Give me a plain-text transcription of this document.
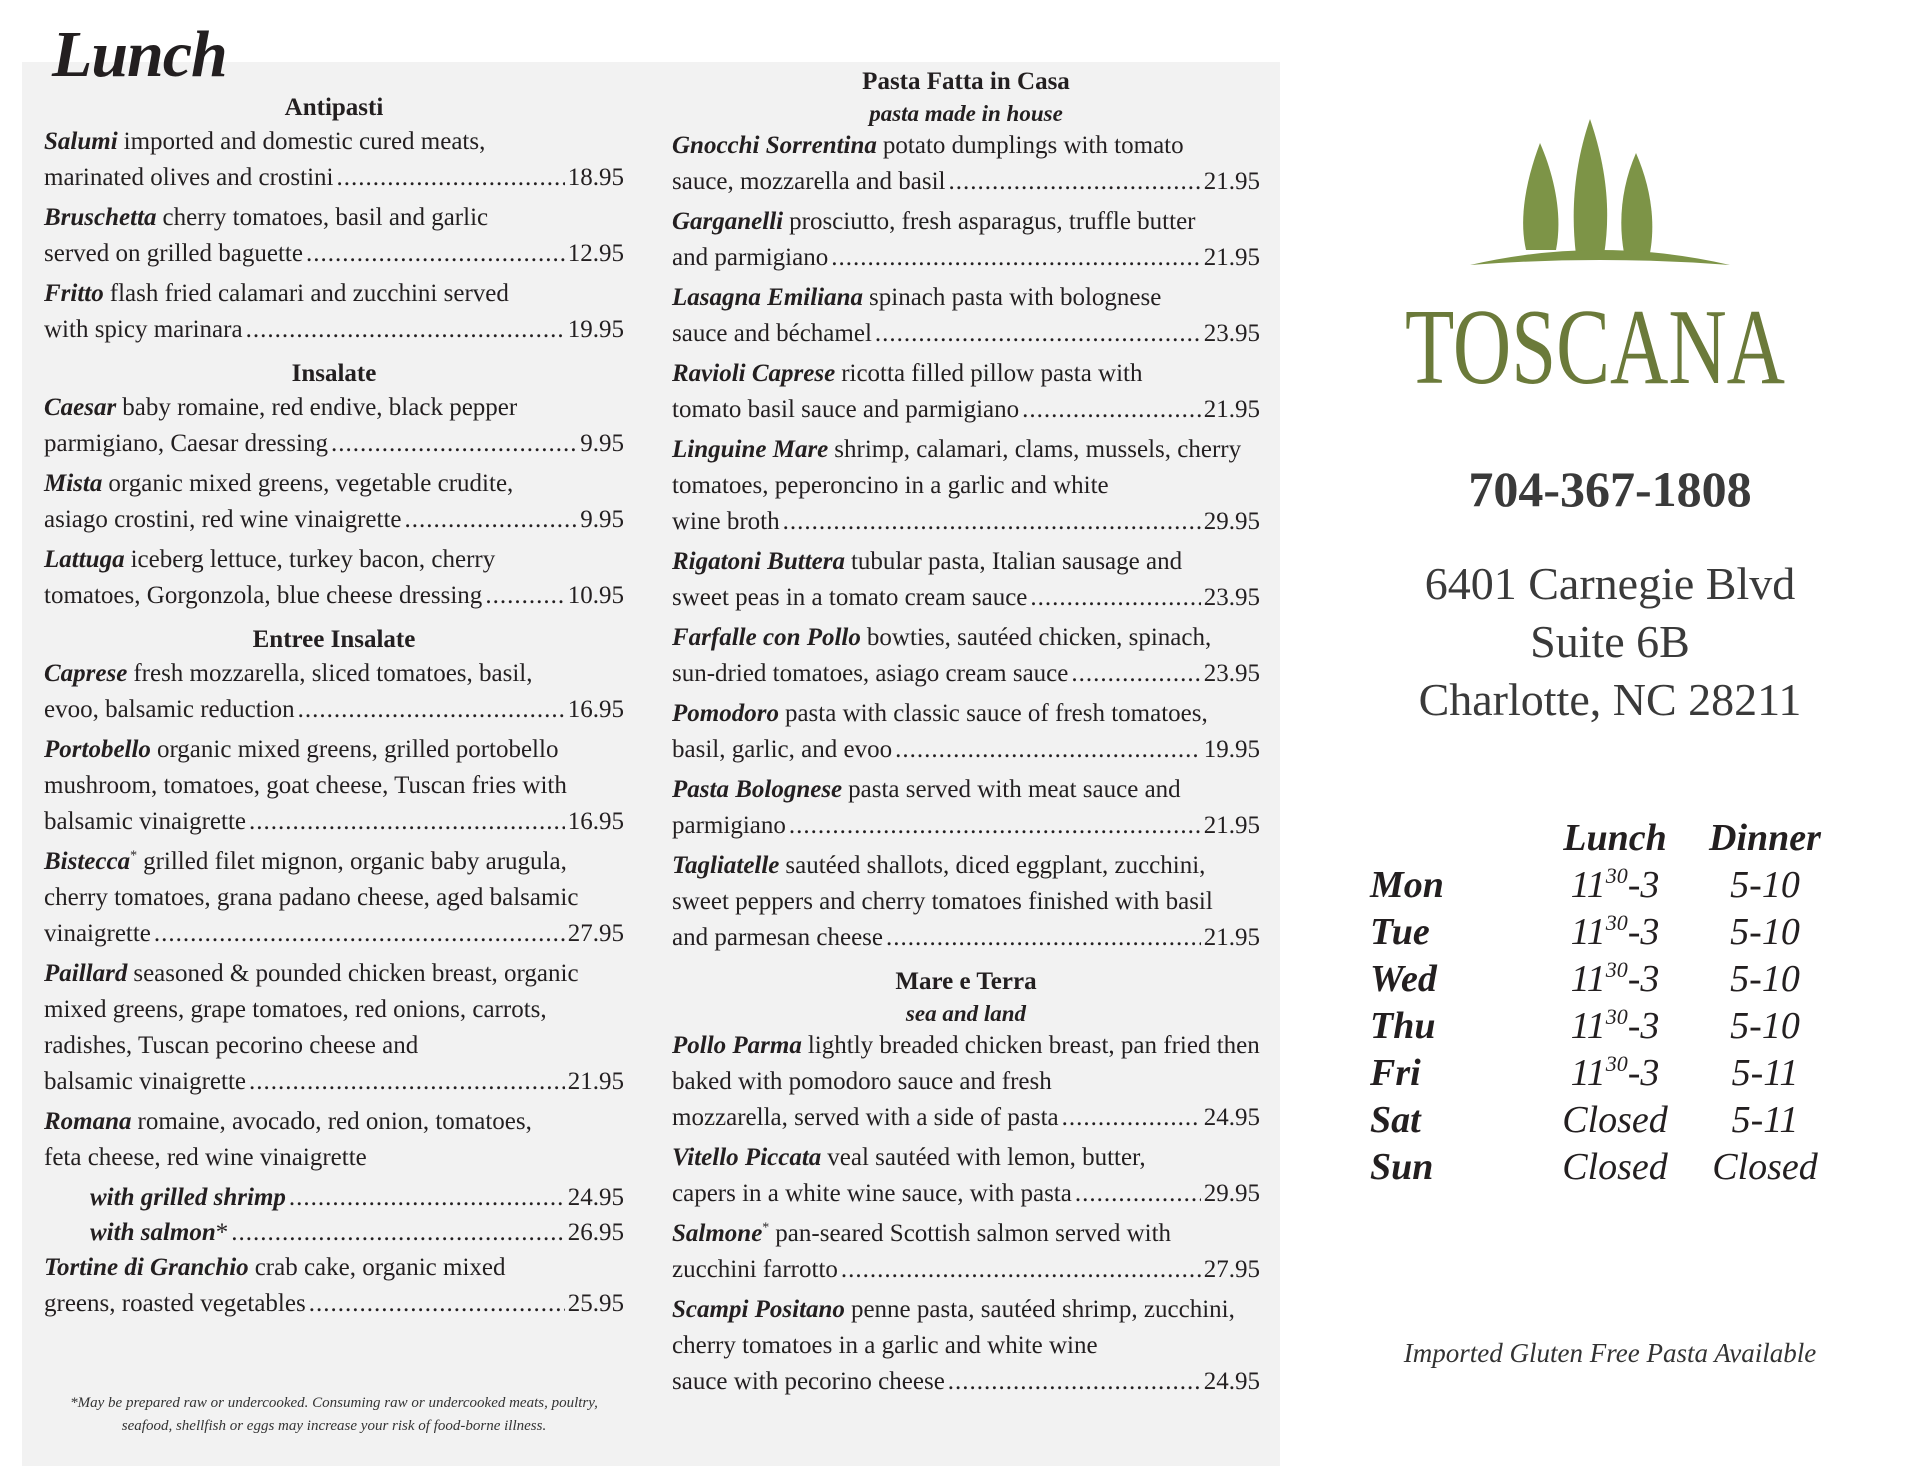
Lunch
Antipasti
Salumi imported and domestic cured meats,
marinated olives and crostini .....	18.95
Bruschetta cherry tomatoes, basil and garlic
served on grilled baguette .....	12.95
Fritto flash fried calamari and zucchini served
with spicy marinara .....	19.95
Insalate
Caesar baby romaine, red endive, black pepper
parmigiano, Caesar dressing .....	9.95
Mista organic mixed greens, vegetable crudite,
asiago crostini, red wine vinaigrette .....	9.95
Lattuga iceberg lettuce, turkey bacon, cherry
tomatoes, Gorgonzola, blue cheese dressing .....	10.95
Entree Insalate
Caprese fresh mozzarella, sliced tomatoes, basil,
evoo, balsamic reduction .....	16.95
Portobello organic mixed greens, grilled portobello mushroom, tomatoes, goat cheese, Tuscan fries with
balsamic vinaigrette .....	16.95
Bistecca* grilled filet mignon, organic baby arugula, cherry tomatoes, grana padano cheese, aged balsamic
vinaigrette .....	27.95
Paillard seasoned & pounded chicken breast, organic mixed greens, grape tomatoes, red onions, carrots, radishes, Tuscan pecorino cheese and
balsamic vinaigrette .....	21.95
Romana romaine, avocado, red onion, tomatoes,
feta cheese, red wine vinaigrette
with grilled shrimp .....	24.95
with salmon* .....	26.95
Tortine di Granchio crab cake, organic mixed
greens, roasted vegetables .....	25.95
Pasta Fatta in Casa
pasta made in house
Gnocchi Sorrentina potato dumplings with tomato
sauce, mozzarella and basil .....	21.95
Garganelli prosciutto, fresh asparagus, truffle butter
and parmigiano .....	21.95
Lasagna Emiliana spinach pasta with bolognese
sauce and béchamel .....	23.95
Ravioli Caprese ricotta filled pillow pasta with
tomato basil sauce and parmigiano .....	21.95
Linguine Mare shrimp, calamari, clams, mussels, cherry tomatoes, peperoncino in a garlic and white
wine broth .....	29.95
Rigatoni Buttera tubular pasta, Italian sausage and
sweet peas in a tomato cream sauce .....	23.95
Farfalle con Pollo bowties, sautéed chicken, spinach,
sun-dried tomatoes, asiago cream sauce .....	23.95
Pomodoro pasta with classic sauce of fresh tomatoes,
basil, garlic, and evoo .....	19.95
Pasta Bolognese pasta served with meat sauce and
parmigiano .....	21.95
Tagliatelle sautéed shallots, diced eggplant, zucchini, sweet peppers and cherry tomatoes finished with basil
and parmesan cheese .....	21.95
Mare e Terra
sea and land
Pollo Parma lightly breaded chicken breast, pan fried then baked with pomodoro sauce and fresh
mozzarella, served with a side of pasta .....	24.95
Vitello Piccata veal sautéed with lemon, butter,
capers in a white wine sauce, with pasta .....	29.95
Salmone* pan-seared Scottish salmon served with
zucchini farrotto .....	27.95
Scampi Positano penne pasta, sautéed shrimp, zucchini, cherry tomatoes in a garlic and white wine
sauce with pecorino cheese .....	24.95
*May be prepared raw or undercooked. Consuming raw or undercooked meats, poultry, seafood, shellfish or eggs may increase your risk of food-borne illness.
TOSCANA
704-367-1808
6401 Carnegie Blvd
Suite 6B
Charlotte, NC 28211
	Lunch	Dinner
Mon	$11^{30}-3$	5-10
Tue	$11^{30}-3$	5-10
Wed	$11^{30}-3$	5-10
Thu	$11^{30}-3$	5-10
Fri	$11^{30}-3$	5-11
Sat	Closed	5-11
Sun	Closed	Closed
Imported Gluten Free Pasta Available
